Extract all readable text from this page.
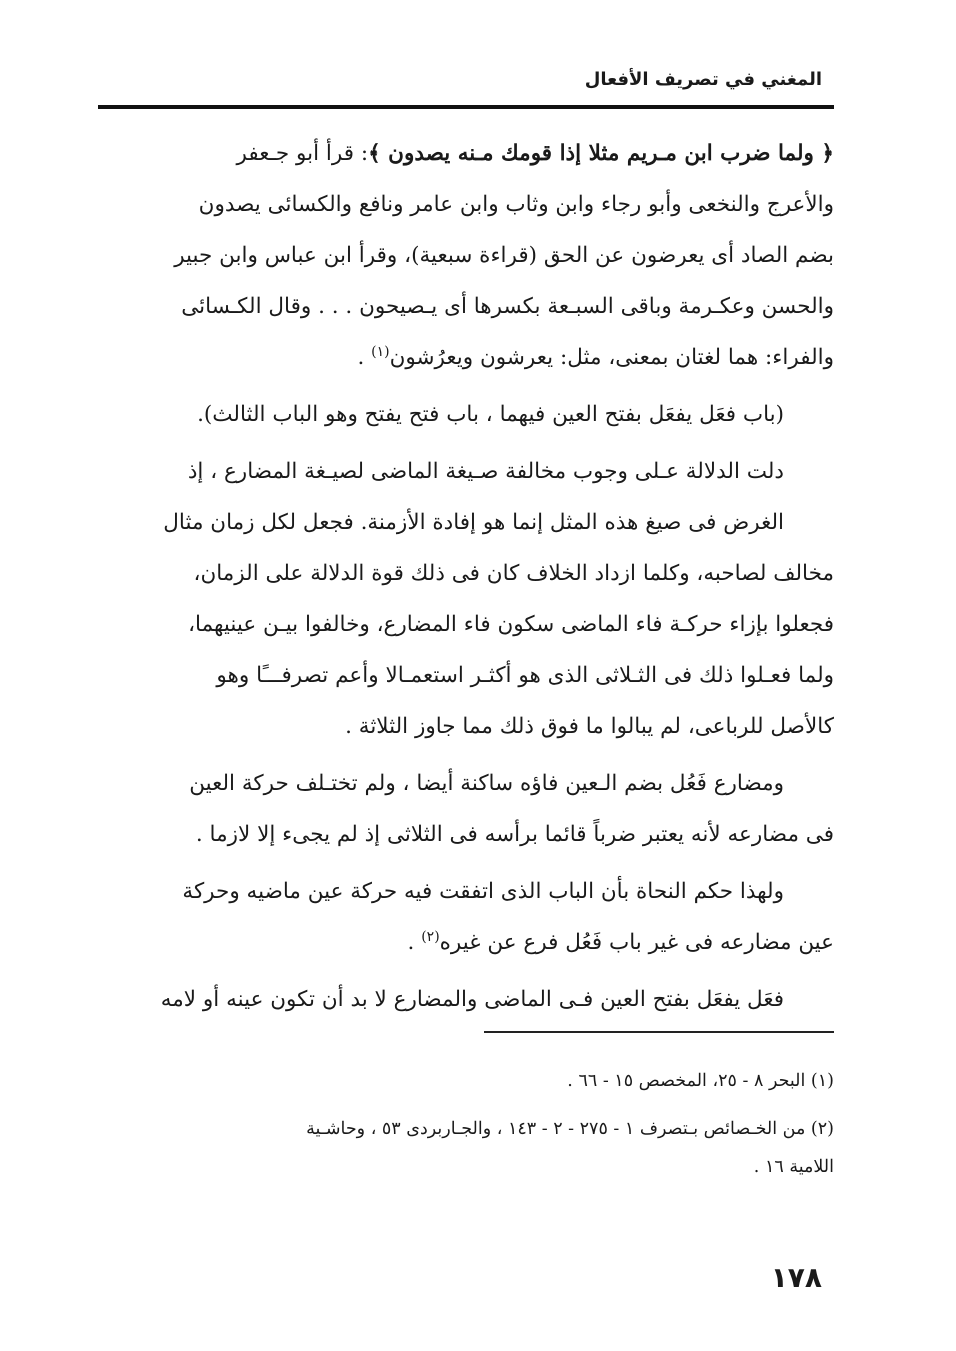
المغني في تصريف الأفعال
﴿ ولما ضرب ابن مـريم مثلا إذا قومك مـنه يصدون ﴾: قرأ أبو جـعفر
والأعرج والنخعى وأبو رجاء وابن وثاب وابن عامر ونافع والكسائى يصدون
بضم الصاد أى يعرضون عن الحق (قراءة سبعية)، وقرأ ابن عباس وابن جبير
والحسن وعكـرمة وباقى السبـعة بكسرها أى يـصيحون . . . وقال الكـسائى
والفراء: هما لغتان بمعنى، مثل: يعرشون ويعرُشون$^{(١)}$ .
(باب فعَل يفعَل بفتح العين فيهما ، باب فتح يفتح وهو الباب الثالث).
دلت الدلالة عـلى وجوب مخالفة صـيغة الماضى لصيـغة المضارع ، إذ
الغرض فى صيغ هذه المثل إنما هو إفادة الأزمنة. فجعل لكل زمان مثال
مخالف لصاحبه، وكلما ازداد الخلاف كان فى ذلك قوة الدلالة على الزمان،
فجعلوا بإزاء حركـة فاء الماضى سكون فاء المضارع، وخالفوا بيـن عينيهما،
ولما فعـلوا ذلك فى الثـلاثى الذى هو أكثـر استعمـالا وأعم تصرفـــًا وهو
كالأصل للرباعى، لم يبالوا ما فوق ذلك مما جاوز الثلاثة .
ومضارع فَعُل بضم الـعين فاؤه ساكنة أيضا ، ولم تختـلف حركة العين
فى مضارعه لأنه يعتبر ضرباً قائما برأسه فى الثلاثى إذ لم يجىء إلا لازما .
ولهذا حكم النحاة بأن الباب الذى اتفقت فيه حركة عين ماضيه وحركة
عين مضارعه فى غير باب فَعُل فرع عن غيره$^{(٢)}$ .
فعَل يفعَل بفتح العين فـى الماضى والمضارع لا بد أن تكون عينه أو لامه
(١) البحر ٨ - ٢٥، المخصص ١٥ - ٦٦ .
(٢) من الخـصائص بـتصرف ١ - ٢٧٥ - ٢ - ١٤٣ ، والجـاربردى ٥٣ ، وحاشـية
اللامية ١٦ .
١٧٨
